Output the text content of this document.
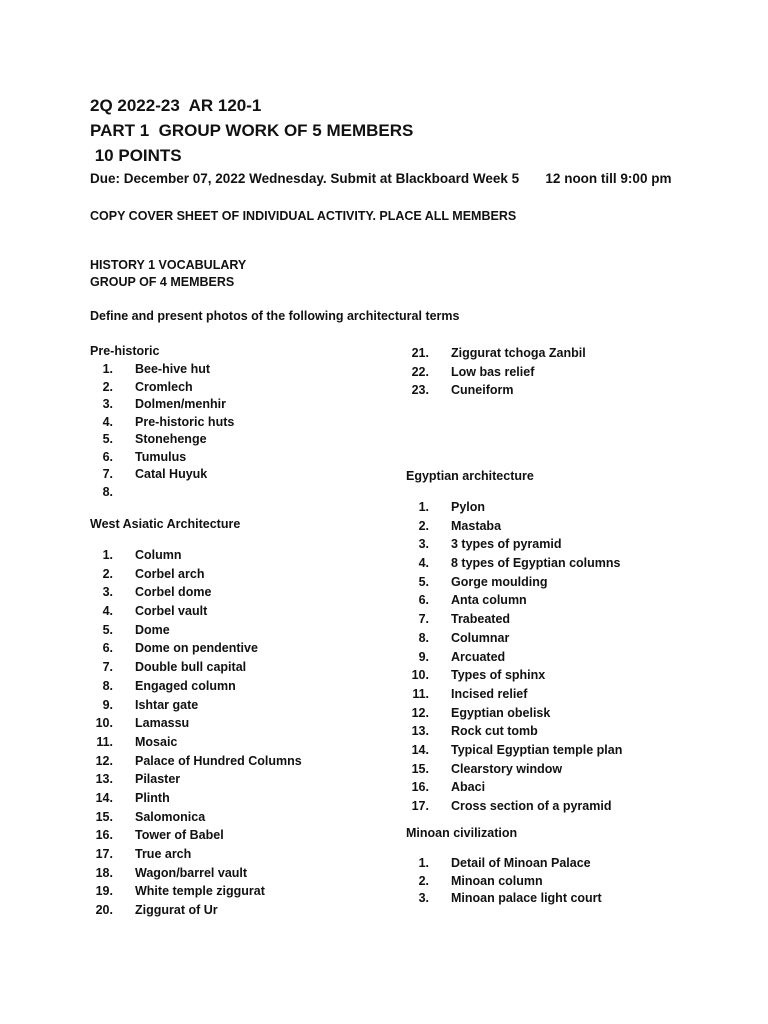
2Q 2022-23  AR 120-1
PART 1  GROUP WORK OF 5 MEMBERS
10 POINTS
Due: December 07, 2022 Wednesday. Submit at Blackboard Week 5       12 noon till 9:00 pm
COPY COVER SHEET OF INDIVIDUAL ACTIVITY. PLACE ALL MEMBERS
HISTORY 1 VOCABULARY
GROUP OF 4 MEMBERS
Define and present photos of the following architectural terms
Pre-historic
1. Bee-hive hut
2. Cromlech
3. Dolmen/menhir
4. Pre-historic huts
5. Stonehenge
6. Tumulus
7. Catal Huyuk
8.
West Asiatic Architecture
1. Column
2. Corbel arch
3. Corbel dome
4. Corbel vault
5. Dome
6. Dome on pendentive
7. Double bull capital
8. Engaged column
9. Ishtar gate
10. Lamassu
11. Mosaic
12. Palace of Hundred Columns
13. Pilaster
14. Plinth
15. Salomonica
16. Tower of Babel
17. True arch
18. Wagon/barrel vault
19. White temple ziggurat
20. Ziggurat of Ur
21. Ziggurat tchoga Zanbil
22. Low bas relief
23. Cuneiform
Egyptian architecture
1. Pylon
2. Mastaba
3. 3 types of pyramid
4. 8 types of Egyptian columns
5. Gorge moulding
6. Anta column
7. Trabeated
8. Columnar
9. Arcuated
10. Types of sphinx
11. Incised relief
12. Egyptian obelisk
13. Rock cut tomb
14. Typical Egyptian temple plan
15. Clearstory window
16. Abaci
17. Cross section of a pyramid
Minoan civilization
1. Detail of Minoan Palace
2. Minoan column
3. Minoan palace light court
